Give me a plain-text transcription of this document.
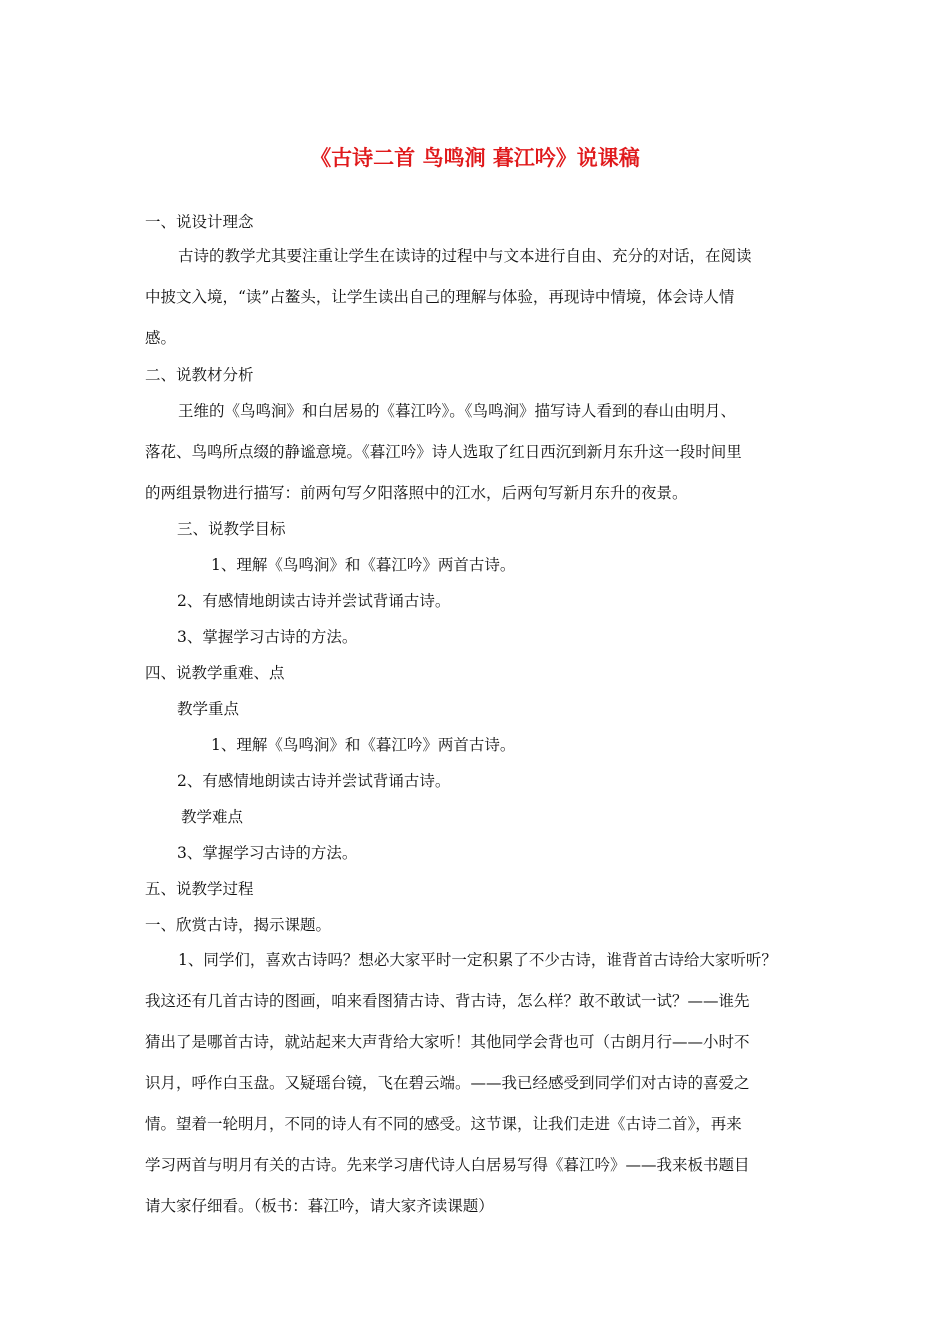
《古诗二首 鸟鸣涧 暮江吟》说课稿
一、说设计理念
古诗的教学尤其要注重让学生在读诗的过程中与文本进行自由、充分的对话，在阅读
中披文入境，“读”占鳌头，让学生读出自己的理解与体验，再现诗中情境，体会诗人情
感。
二、说教材分析
王维的《鸟鸣涧》和白居易的《暮江吟》。《鸟鸣涧》描写诗人看到的春山由明月、
落花、鸟鸣所点缀的静谧意境。《暮江吟》诗人选取了红日西沉到新月东升这一段时间里
的两组景物进行描写：前两句写夕阳落照中的江水，后两句写新月东升的夜景。
三、说教学目标
1、理解《鸟鸣涧》和《暮江吟》两首古诗。
2、有感情地朗读古诗并尝试背诵古诗。
3、掌握学习古诗的方法。
四、说教学重难、点
教学重点
1、理解《鸟鸣涧》和《暮江吟》两首古诗。
2、有感情地朗读古诗并尝试背诵古诗。
教学难点
3、掌握学习古诗的方法。
五、说教学过程
一、欣赏古诗，揭示课题。
1、同学们，喜欢古诗吗？想必大家平时一定积累了不少古诗，谁背首古诗给大家听听？
我这还有几首古诗的图画，咱来看图猜古诗、背古诗，怎么样？敢不敢试一试？——谁先
猜出了是哪首古诗，就站起来大声背给大家听！其他同学会背也可（古朗月行——小时不
识月，呼作白玉盘。又疑瑶台镜，飞在碧云端。——我已经感受到同学们对古诗的喜爱之
情。望着一轮明月，不同的诗人有不同的感受。这节课，让我们走进《古诗二首》，再来
学习两首与明月有关的古诗。先来学习唐代诗人白居易写得《暮江吟》——我来板书题目
请大家仔细看。（板书：暮江吟，请大家齐读课题）
